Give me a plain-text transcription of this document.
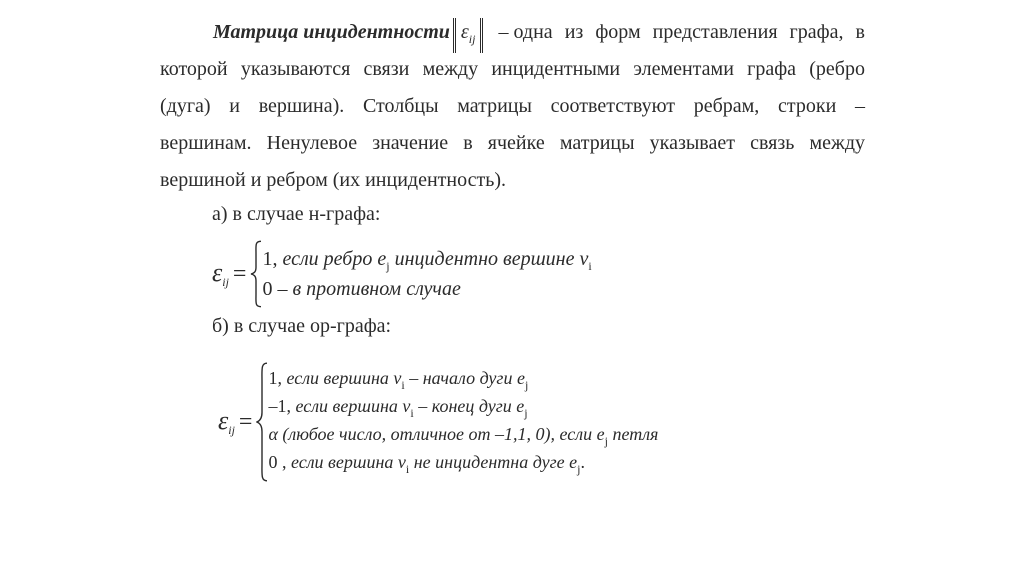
Матрица инцидентности $\varepsilon_{ij}$	– одна из форм представления графа, в
которой указываются связи между инцидентными элементами графа (ребро
(дуга) и вершина). Столбцы матрицы соответствуют ребрам, строки –
вершинам. Ненулевое значение в ячейке матрицы указывает связь между
вершиной и ребром (их инцидентность).
а) в случае н-графа:
$\varepsilon_{ij}$ =
1, если ребро $e_j$ инцидентно вершине $v_i$
0 – в противном случае
б) в случае ор-графа:
$\varepsilon_{ij}$ =
1, если вершина $v_i$ – начало дуги $e_j$
–1, если вершина $v_i$ – конец дуги $e_j$
α (любое число, отличное от –1,1, 0), если $e_j$ петля
0 , если вершина $v_i$ не инцидентна дуге $e_j$.
